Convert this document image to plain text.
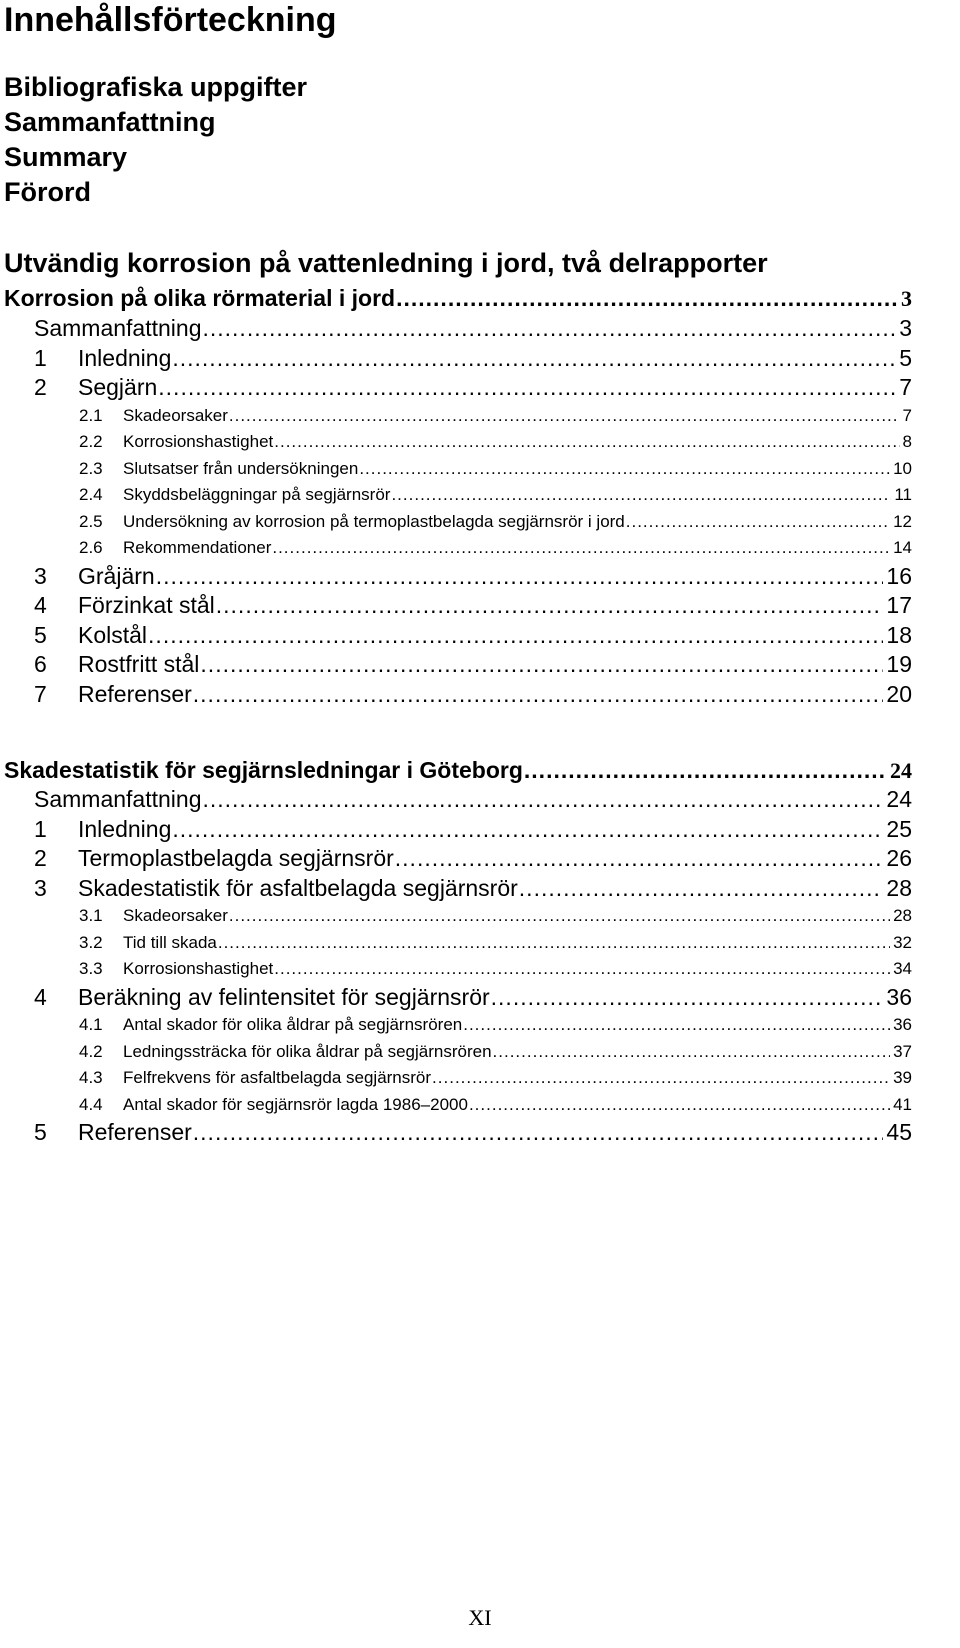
Innehållsförteckning
Bibliografiska uppgifter
Sammanfattning
Summary
Förord
Utvändig korrosion på vattenledning i jord, två delrapporter
Korrosion på olika rörmaterial i jord .....	3
Sammanfattning .....	3
1	Inledning .....	5
2	Segjärn .....	7
2.1	Skadeorsaker .....	7
2.2	Korrosionshastighet .....	8
2.3	Slutsatser från undersökningen .....	10
2.4	Skyddsbeläggningar på segjärnsrör .....	11
2.5	Undersökning av korrosion på termoplastbelagda segjärnsrör i jord .....	12
2.6	Rekommendationer .....	14
3	Gråjärn .....	16
4	Förzinkat stål .....	17
5	Kolstål .....	18
6	Rostfritt stål .....	19
7	Referenser .....	20
Skadestatistik för segjärnsledningar i Göteborg .....	24
Sammanfattning .....	24
1	Inledning .....	25
2	Termoplastbelagda segjärnsrör .....	26
3	Skadestatistik för asfaltbelagda segjärnsrör .....	28
3.1	Skadeorsaker .....	28
3.2	Tid till skada .....	32
3.3	Korrosionshastighet .....	34
4	Beräkning av felintensitet för segjärnsrör .....	36
4.1	Antal skador för olika åldrar på segjärnsrören .....	36
4.2	Ledningssträcka för olika åldrar på segjärnsrören .....	37
4.3	Felfrekvens för asfaltbelagda segjärnsrör .....	39
4.4	Antal skador för segjärnsrör lagda 1986–2000 .....	41
5	Referenser .....	45
XI
